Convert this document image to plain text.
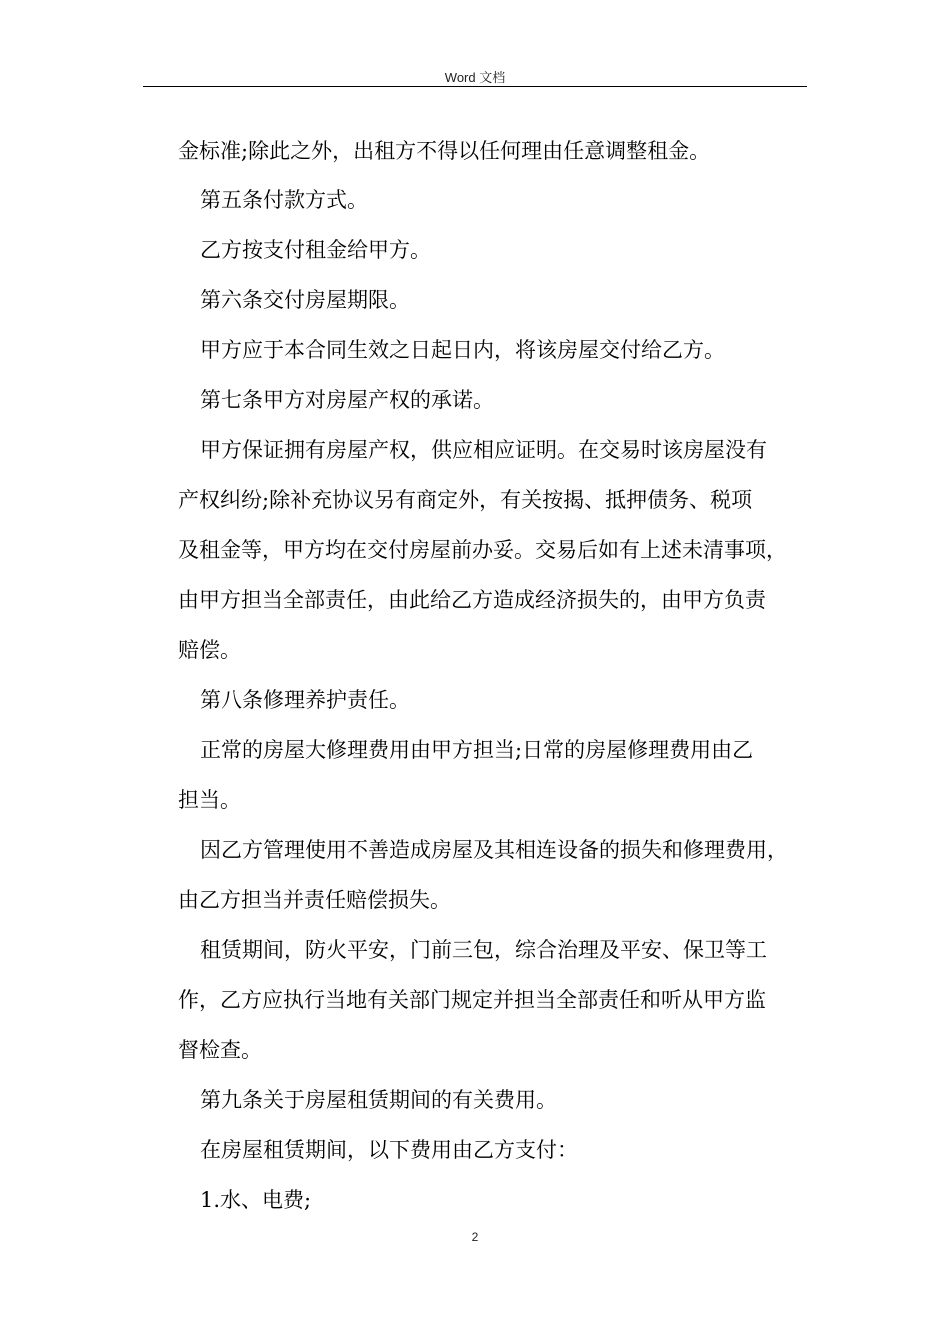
Word 文档
金标准;除此之外，出租方不得以任何理由任意调整租金。
第五条付款方式。
乙方按支付租金给甲方。
第六条交付房屋期限。
甲方应于本合同生效之日起日内，将该房屋交付给乙方。
第七条甲方对房屋产权的承诺。
甲方保证拥有房屋产权，供应相应证明。在交易时该房屋没有
产权纠纷;除补充协议另有商定外，有关按揭、抵押债务、税项
及租金等，甲方均在交付房屋前办妥。交易后如有上述未清事项，
由甲方担当全部责任，由此给乙方造成经济损失的，由甲方负责
赔偿。
第八条修理养护责任。
正常的房屋大修理费用由甲方担当;日常的房屋修理费用由乙
担当。
因乙方管理使用不善造成房屋及其相连设备的损失和修理费用，
由乙方担当并责任赔偿损失。
租赁期间，防火平安，门前三包，综合治理及平安、保卫等工
作，乙方应执行当地有关部门规定并担当全部责任和听从甲方监
督检查。
第九条关于房屋租赁期间的有关费用。
在房屋租赁期间，以下费用由乙方支付：
1.水、电费;
2
